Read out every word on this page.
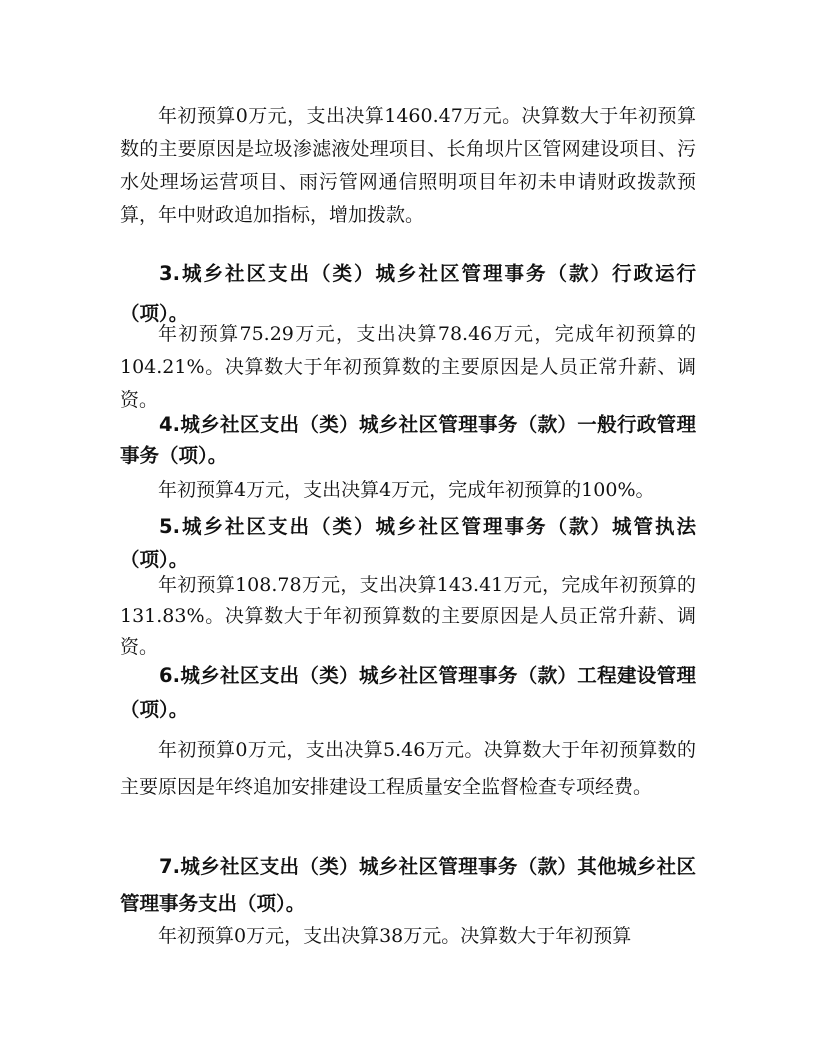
年初预算0万元，支出决算1460.47万元。决算数大于年初预算数的主要原因是垃圾渗滤液处理项目、长角坝片区管网建设项目、污水处理场运营项目、雨污管网通信照明项目年初未申请财政拨款预算，年中财政追加指标，增加拨款。

3.城乡社区支出（类）城乡社区管理事务（款）行政运行（项）。

年初预算75.29万元，支出决算78.46万元，完成年初预算的104.21%。决算数大于年初预算数的主要原因是人员正常升薪、调资。

4.城乡社区支出（类）城乡社区管理事务（款）一般行政管理事务（项）。

年初预算4万元，支出决算4万元，完成年初预算的100%。

5.城乡社区支出（类）城乡社区管理事务（款）城管执法（项）。

年初预算108.78万元，支出决算143.41万元，完成年初预算的131.83%。决算数大于年初预算数的主要原因是人员正常升薪、调资。

6.城乡社区支出（类）城乡社区管理事务（款）工程建设管理（项）。

年初预算0万元，支出决算5.46万元。决算数大于年初预算数的主要原因是年终追加安排建设工程质量安全监督检查专项经费。

7.城乡社区支出（类）城乡社区管理事务（款）其他城乡社区管理事务支出（项）。

年初预算0万元，支出决算38万元。决算数大于年初预算
